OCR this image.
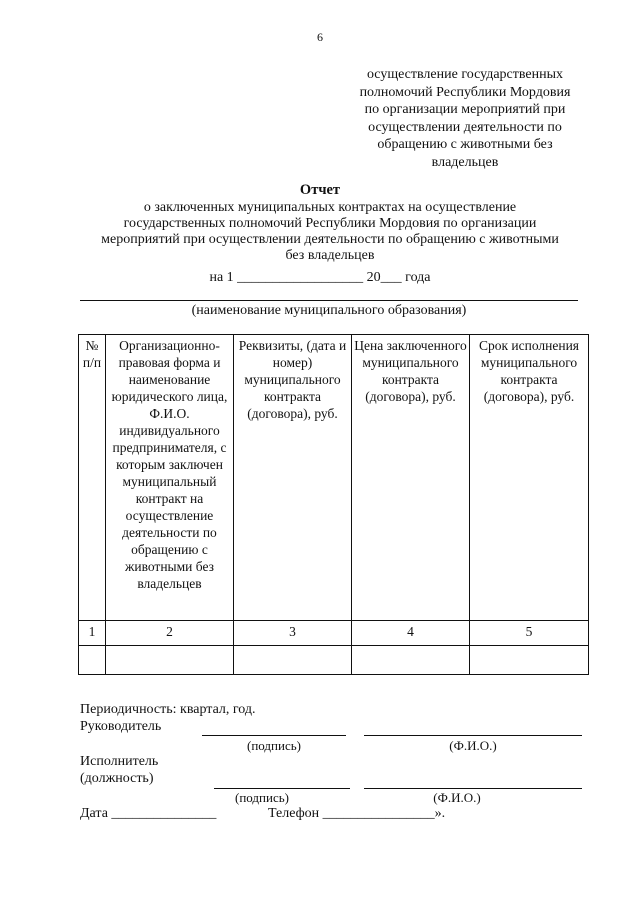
6
осуществление государственных
полномочий Республики Мордовия
по организации мероприятий при
осуществлении деятельности по
обращению с животными без
владельцев
Отчет
о заключенных муниципальных контрактах на осуществление
государственных полномочий Республики Мордовия по организации
мероприятий при осуществлении деятельности по обращению с животными
без владельцев
на 1 __________________ 20___ года
(наименование муниципального образования)
№ п/п	Организационно-правовая форма и наименование юридического лица, Ф.И.О. индивидуального предпринимателя, с которым заключен муниципальный контракт на осуществление деятельности по обращению с животными без владельцев	Реквизиты, (дата и номер) муниципального контракта (договора), руб.	Цена заключенного муниципального контракта (договора), руб.	Срок исполнения муниципального контракта (договора), руб.
1	2	3	4	5

Периодичность: квартал, год.
Руководитель
(подпись)	(Ф.И.О.)
Исполнитель
(должность)
(подпись)	(Ф.И.О.)
Дата _______________	Телефон ________________».
